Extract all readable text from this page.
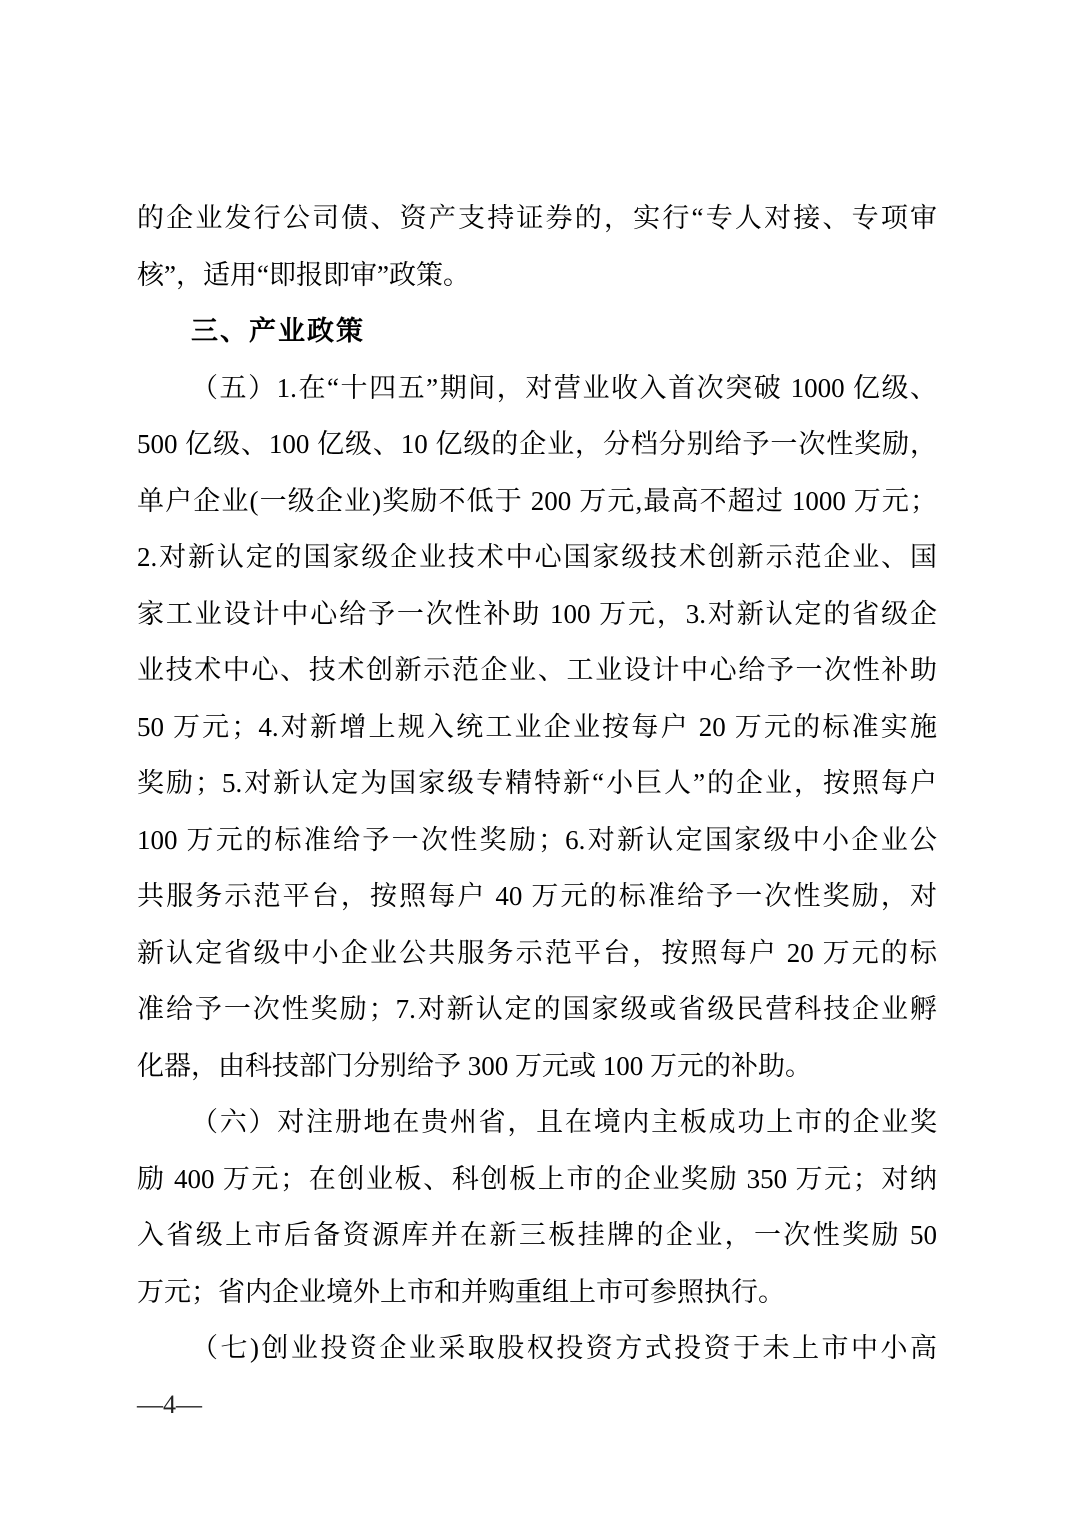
的企业发行公司债、资产支持证券的，实行“专人对接、专项审
核”，适用“即报即审”政策。
三、产业政策
（五）1.在“十四五”期间，对营业收入首次突破 1000 亿级、
500 亿级、100 亿级、10 亿级的企业，分档分别给予一次性奖励，
单户企业(一级企业)奖励不低于 200 万元,最高不超过 1000 万元；
2.对新认定的国家级企业技术中心国家级技术创新示范企业、国
家工业设计中心给予一次性补助 100 万元，3.对新认定的省级企
业技术中心、技术创新示范企业、工业设计中心给予一次性补助
50 万元；4.对新增上规入统工业企业按每户 20 万元的标准实施
奖励；5.对新认定为国家级专精特新“小巨人”的企业，按照每户
100 万元的标准给予一次性奖励；6.对新认定国家级中小企业公
共服务示范平台，按照每户 40 万元的标准给予一次性奖励，对
新认定省级中小企业公共服务示范平台，按照每户 20 万元的标
准给予一次性奖励；7.对新认定的国家级或省级民营科技企业孵
化器，由科技部门分别给予 300 万元或 100 万元的补助。
（六）对注册地在贵州省，且在境内主板成功上市的企业奖
励 400 万元；在创业板、科创板上市的企业奖励 350 万元；对纳
入省级上市后备资源库并在新三板挂牌的企业，一次性奖励 50
万元；省内企业境外上市和并购重组上市可参照执行。
（七)创业投资企业采取股权投资方式投资于未上市中小高
—4—
